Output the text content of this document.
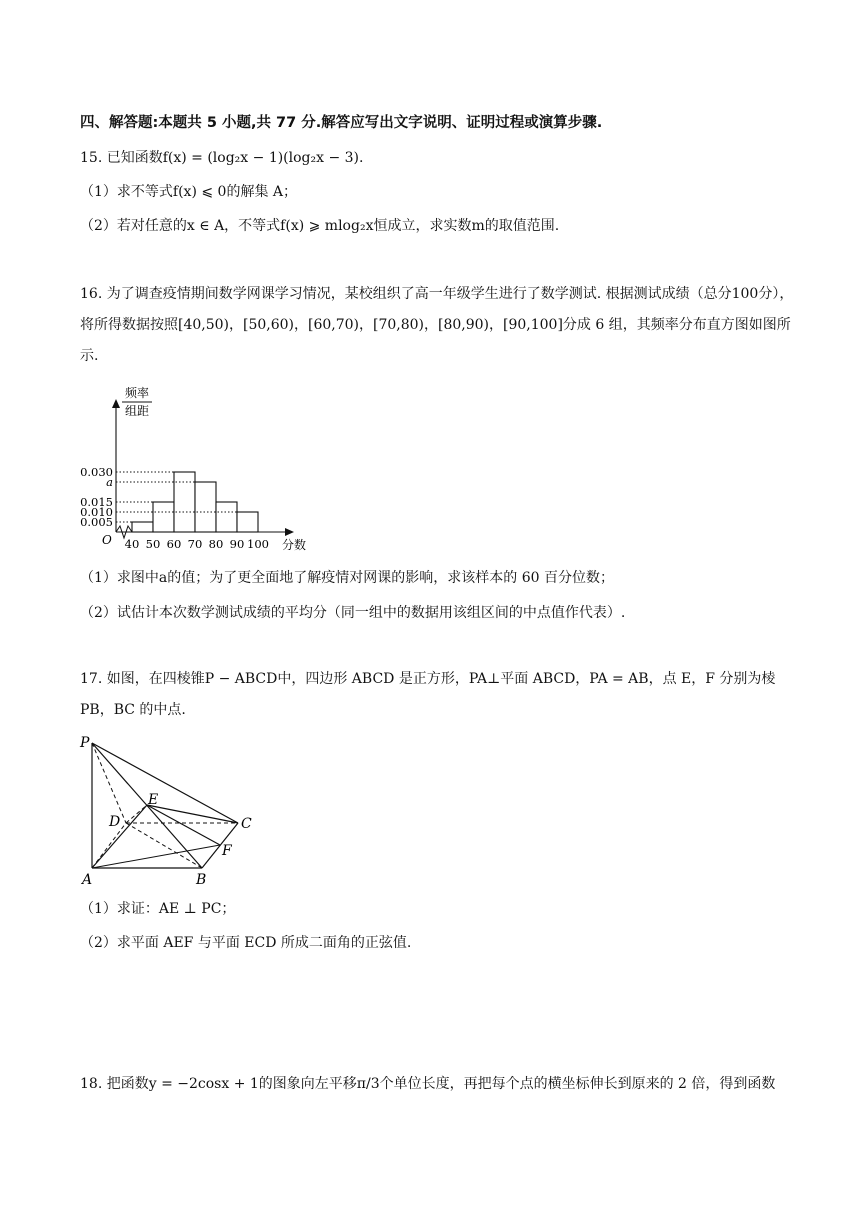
四、解答题:本题共 5 小题,共 77 分.解答应写出文字说明、证明过程或演算步骤.
15. 已知函数f(x) = (log₂x − 1)(log₂x − 3).
（1）求不等式f(x) ⩽ 0的解集 A；
（2）若对任意的x ∈ A，不等式f(x) ⩾ mlog₂x恒成立，求实数m的取值范围.
16. 为了调查疫情期间数学网课学习情况，某校组织了高一年级学生进行了数学测试. 根据测试成绩（总分100分），将所得数据按照[40,50)，[50,60)，[60,70)，[70,80)，[80,90)，[90,100]分成 6 组，其频率分布直方图如图所示.
0.030
a
0.015
0.010
0.005
40 50 60 70 80 90 100 分数
O
频率
组距
（1）求图中a的值；为了更全面地了解疫情对网课的影响，求该样本的 60 百分位数；
（2）试估计本次数学测试成绩的平均分（同一组中的数据用该组区间的中点值作代表）.
17. 如图，在四棱锥P − ABCD中，四边形 ABCD 是正方形，PA⊥平面 ABCD，PA = AB，点 E，F 分别为棱 PB，BC 的中点.
P
A	B
C
D
E
F
（1）求证：AE ⊥ PC；
（2）求平面 AEF 与平面 ECD 所成二面角的正弦值.
18. 把函数y = −2cosx + 1的图象向左平移π/3个单位长度，再把每个点的横坐标伸长到原来的 2 倍，得到函数
